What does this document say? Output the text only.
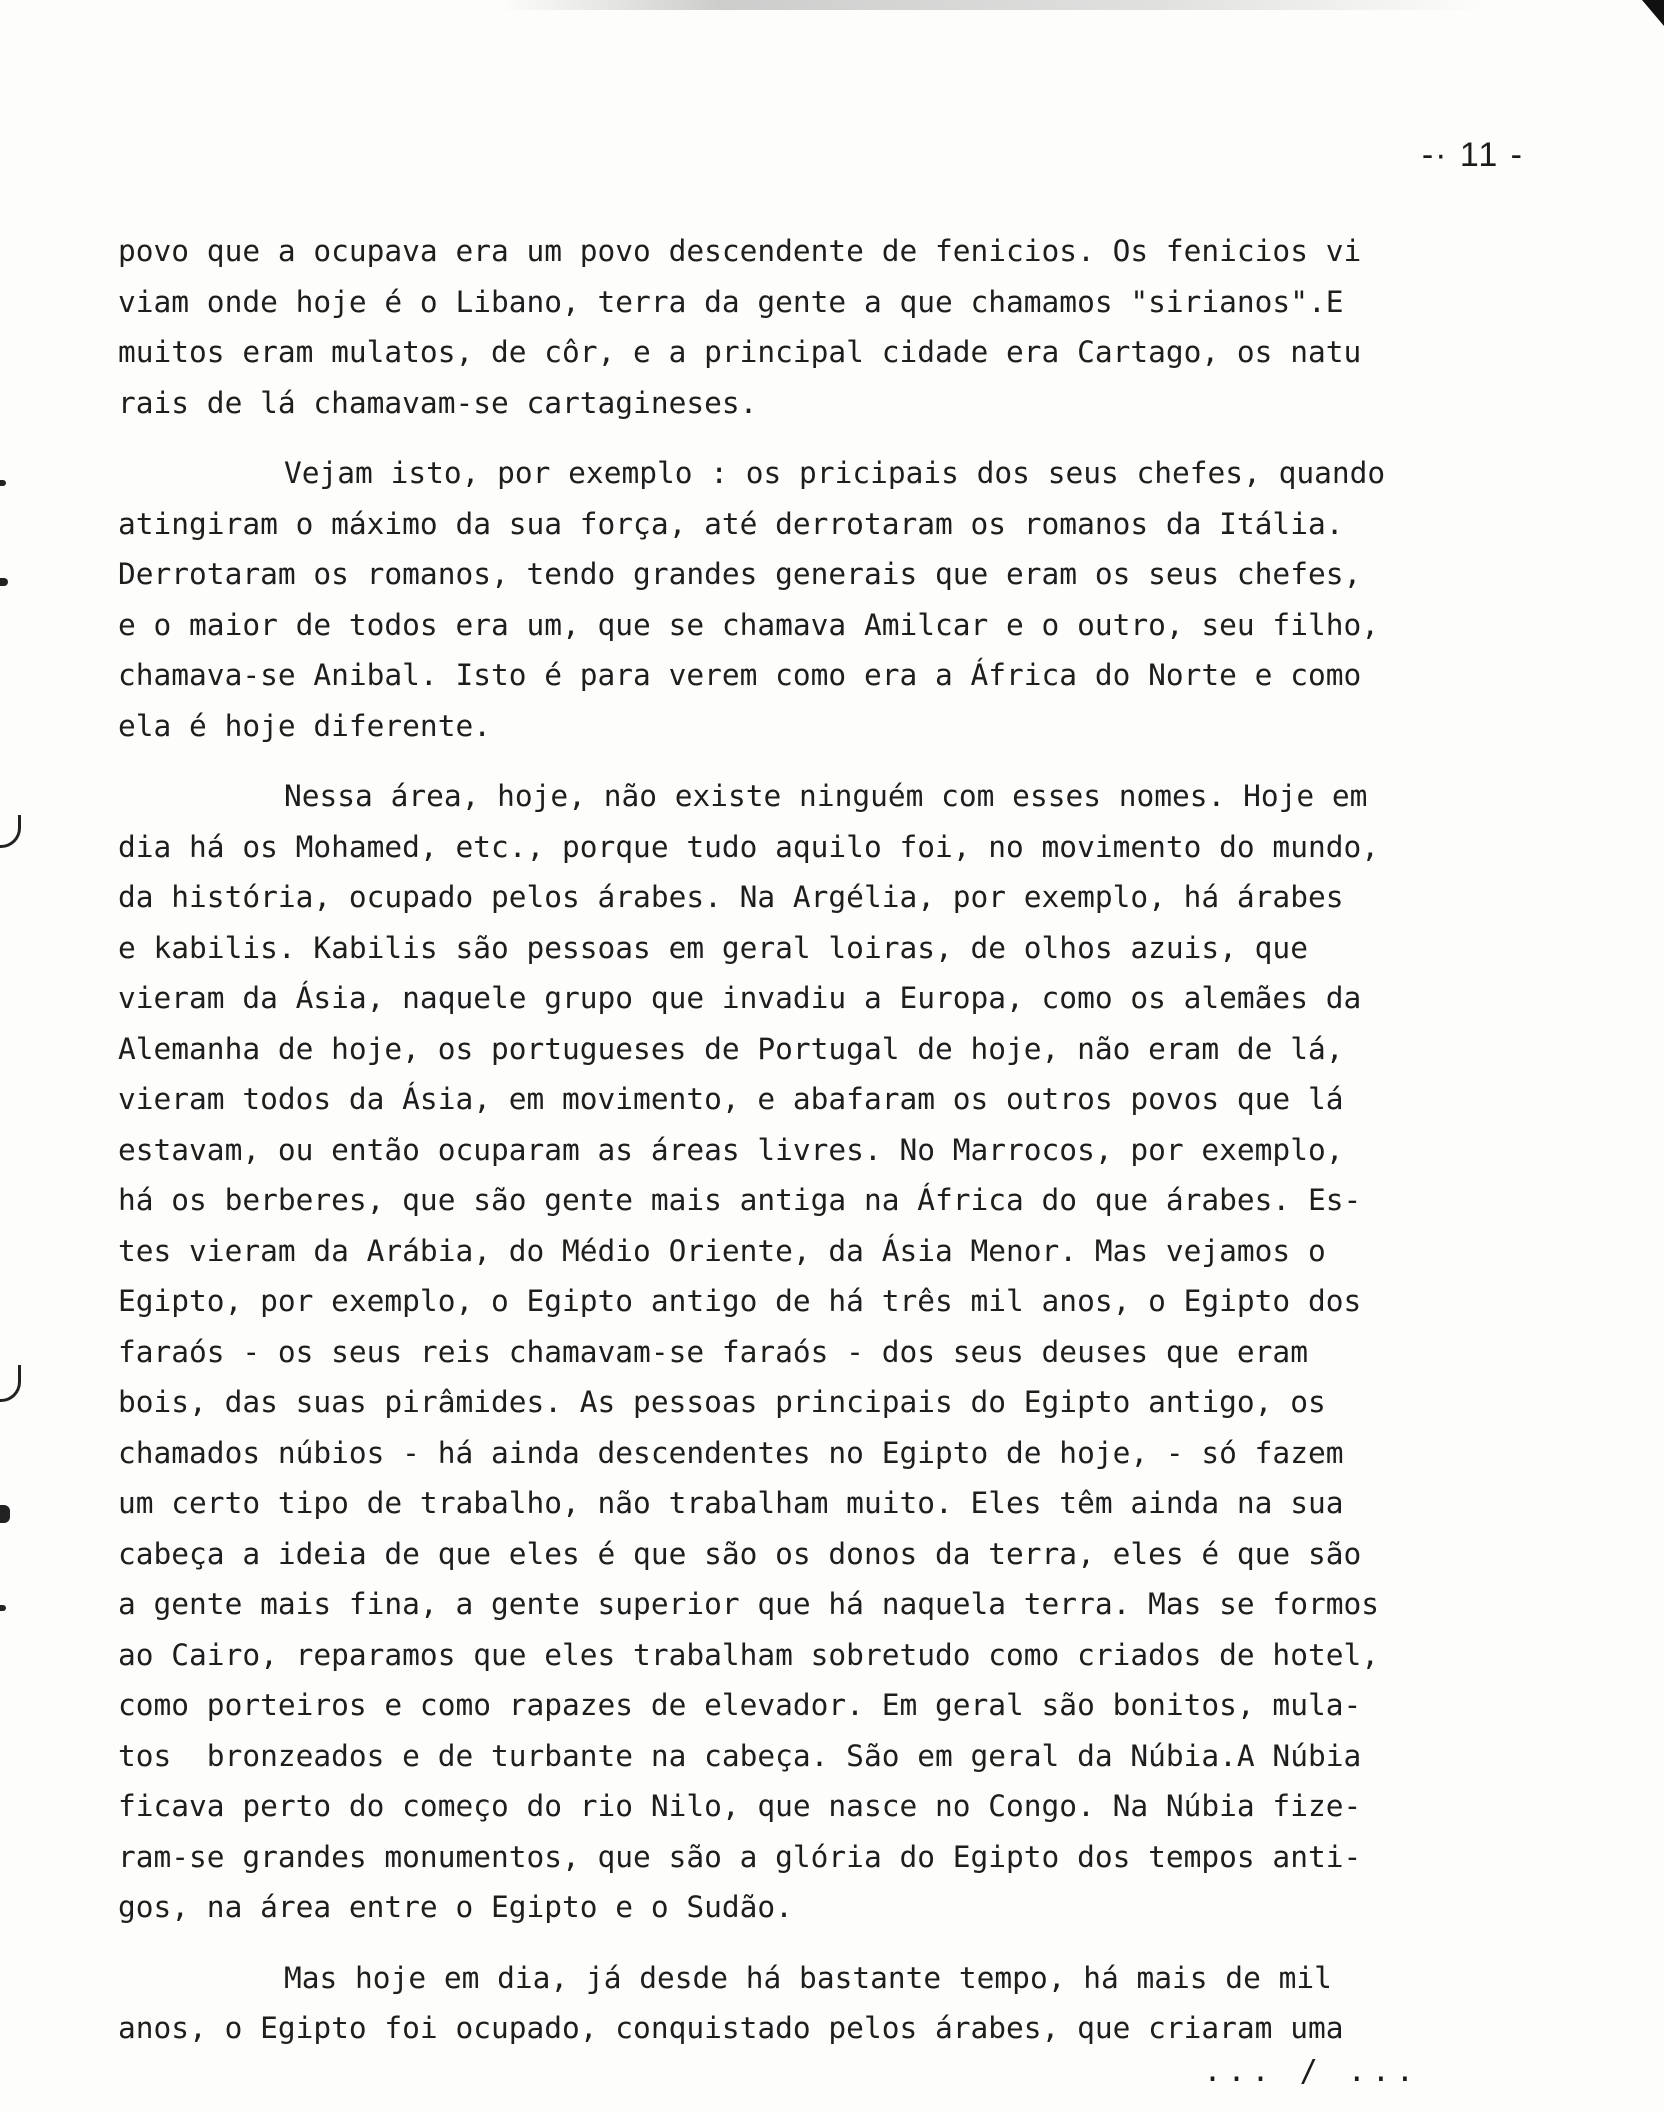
-· 11 -
povo que a ocupava era um povo descendente de fenicios. Os fenicios vi
viam onde hoje é o Libano, terra da gente a que chamamos "sirianos".E
muitos eram mulatos, de côr, e a principal cidade era Cartago, os natu
rais de lá chamavam-se cartagineses.
Vejam isto, por exemplo : os pricipais dos seus chefes, quando
atingiram o máximo da sua força, até derrotaram os romanos da Itália.
Derrotaram os romanos, tendo grandes generais que eram os seus chefes,
e o maior de todos era um, que se chamava Amilcar e o outro, seu filho,
chamava-se Anibal. Isto é para verem como era a África do Norte e como
ela é hoje diferente.
Nessa área, hoje, não existe ninguém com esses nomes. Hoje em
dia há os Mohamed, etc., porque tudo aquilo foi, no movimento do mundo,
da história, ocupado pelos árabes. Na Argélia, por exemplo, há árabes
e kabilis. Kabilis são pessoas em geral loiras, de olhos azuis, que
vieram da Ásia, naquele grupo que invadiu a Europa, como os alemães da
Alemanha de hoje, os portugueses de Portugal de hoje, não eram de lá,
vieram todos da Ásia, em movimento, e abafaram os outros povos que lá
estavam, ou então ocuparam as áreas livres. No Marrocos, por exemplo,
há os berberes, que são gente mais antiga na África do que árabes. Es-
tes vieram da Arábia, do Médio Oriente, da Ásia Menor. Mas vejamos o
Egipto, por exemplo, o Egipto antigo de há três mil anos, o Egipto dos
faraós - os seus reis chamavam-se faraós - dos seus deuses que eram
bois, das suas pirâmides. As pessoas principais do Egipto antigo, os
chamados núbios - há ainda descendentes no Egipto de hoje, - só fazem
um certo tipo de trabalho, não trabalham muito. Eles têm ainda na sua
cabeça a ideia de que eles é que são os donos da terra, eles é que são
a gente mais fina, a gente superior que há naquela terra. Mas se formos
ao Cairo, reparamos que eles trabalham sobretudo como criados de hotel,
como porteiros e como rapazes de elevador. Em geral são bonitos, mula-
tos  bronzeados e de turbante na cabeça. São em geral da Núbia.A Núbia
ficava perto do começo do rio Nilo, que nasce no Congo. Na Núbia fize-
ram-se grandes monumentos, que são a glória do Egipto dos tempos anti-
gos, na área entre o Egipto e o Sudão.
Mas hoje em dia, já desde há bastante tempo, há mais de mil
anos, o Egipto foi ocupado, conquistado pelos árabes, que criaram uma
... / ...
